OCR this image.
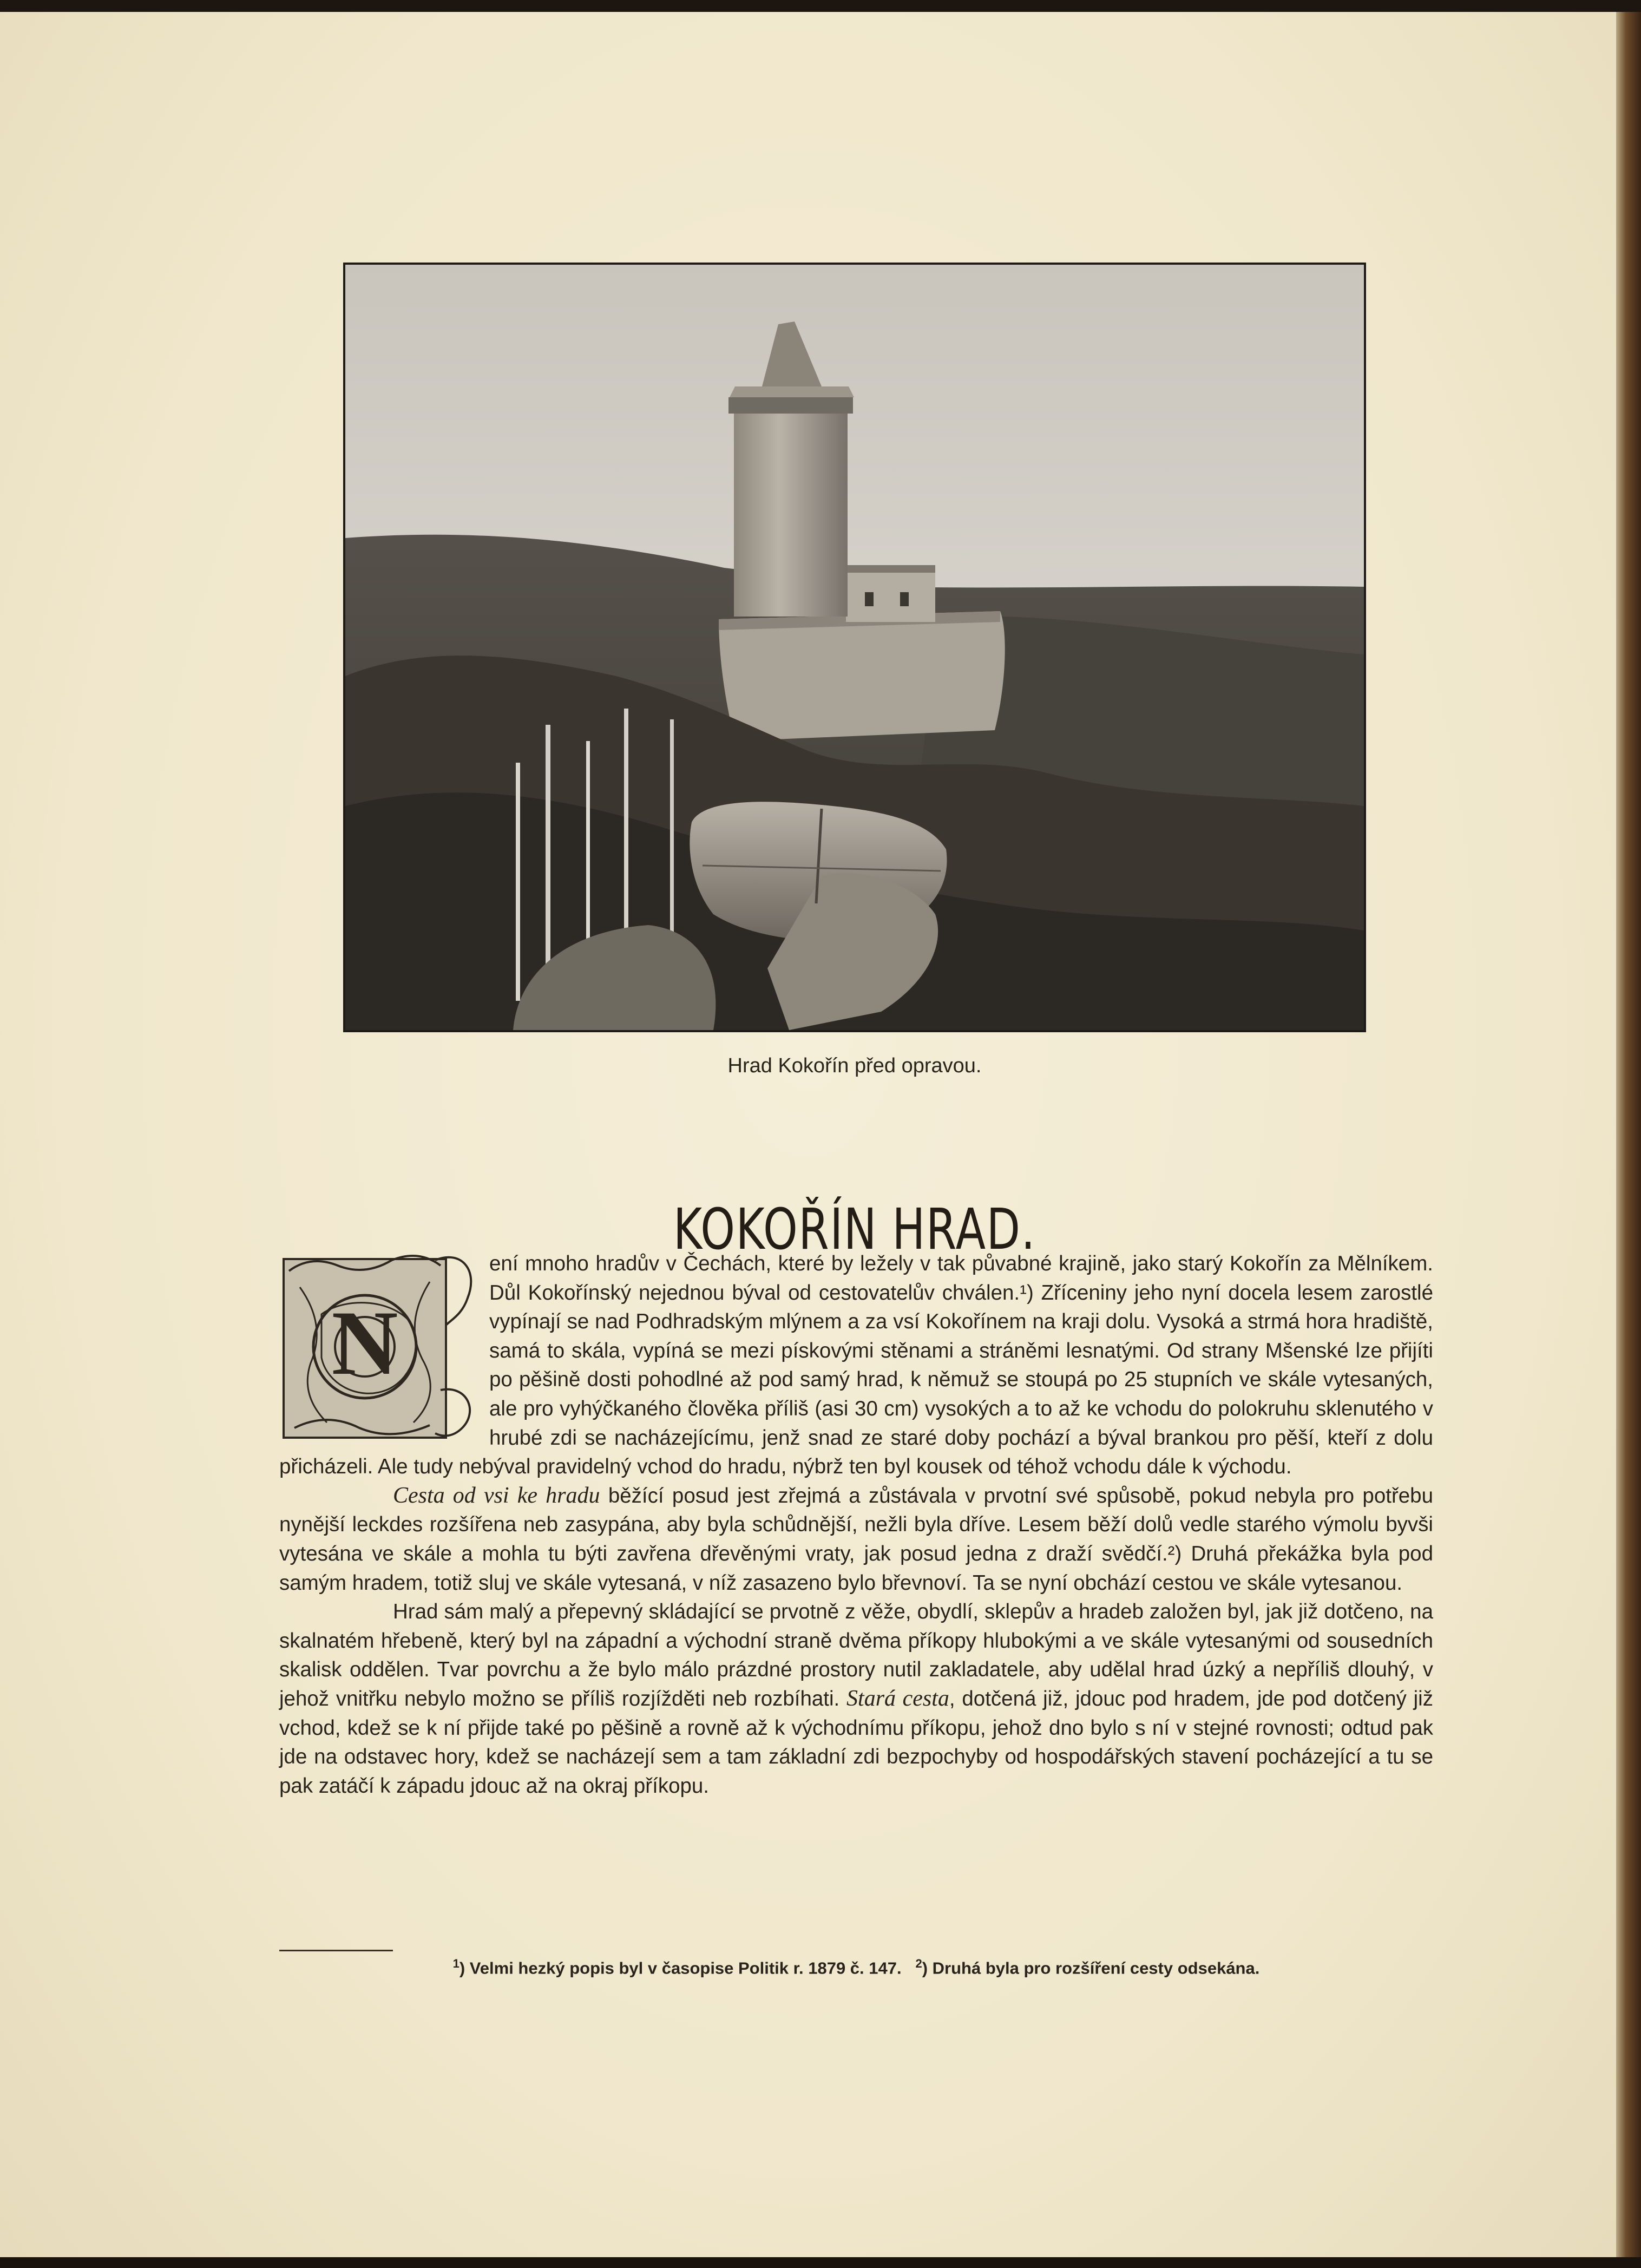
Hrad Kokořín před opravou.
KOKOŘÍN HRAD.
N

ení mnoho hradův v Čechách, které by ležely v tak půvabné krajině, jako starý Kokořín za Mělníkem. Důl Kokořínský nejednou býval od cestovatelův chválen.¹) Zříceniny jeho nyní docela lesem zarostlé vypínají se nad Podhradským mlýnem a za vsí Kokořínem na kraji dolu. Vysoká a strmá hora hradiště, samá to skála, vypíná se mezi pískovými stěnami a stráněmi lesnatými. Od strany Mšenské lze přijíti po pěšině dosti pohodlné až pod samý hrad, k němuž se stoupá po 25 stupních ve skále vytesaných, ale pro vyhýčkaného člověka příliš (asi 30 cm) vysokých a to až ke vchodu do polokruhu sklenutého v hrubé zdi se nacházejícímu, jenž snad ze staré doby pochází a býval brankou pro pěší, kteří z dolu přicházeli. Ale tudy nebýval pravidelný vchod do hradu, nýbrž ten byl kousek od téhož vchodu dále k východu.

Cesta od vsi ke hradu běžící posud jest zřejmá a zůstávala v prvotní své spůsobě, pokud nebyla pro potřebu nynější leckdes rozšířena neb zasypána, aby byla schůdnější, nežli byla dříve. Lesem běží dolů vedle starého výmolu byvši vytesána ve skále a mohla tu býti zavřena dřevěnými vraty, jak posud jedna z draží svědčí.²) Druhá překážka byla pod samým hradem, totiž sluj ve skále vytesaná, v níž zasazeno bylo břevnoví. Ta se nyní obchází cestou ve skále vytesanou.

Hrad sám malý a přepevný skládající se prvotně z věže, obydlí, sklepův a hradeb založen byl, jak již dotčeno, na skalnatém hřebeně, který byl na západní a východní straně dvěma příkopy hlubokými a ve skále vytesanými od sousedních skalisk oddělen. Tvar povrchu a že bylo málo prázdné prostory nutil zakladatele, aby udělal hrad úzký a nepříliš dlouhý, v jehož vnitřku nebylo možno se příliš rozjížděti neb rozbíhati. Stará cesta, dotčená již, jdouc pod hradem, jde pod dotčený již vchod, kdež se k ní přijde také po pěšině a rovně až k východnímu příkopu, jehož dno bylo s ní v stejné rovnosti; odtud pak jde na odstavec hory, kdež se nacházejí sem a tam základní zdi bezpochyby od hospodářských stavení pocházející a tu se pak zatáčí k západu jdouc až na okraj příkopu.

$^1$) Velmi hezký popis byl v časopise Politik r. 1879 č. 147. $^2$) Druhá byla pro rozšíření cesty odsekána.
